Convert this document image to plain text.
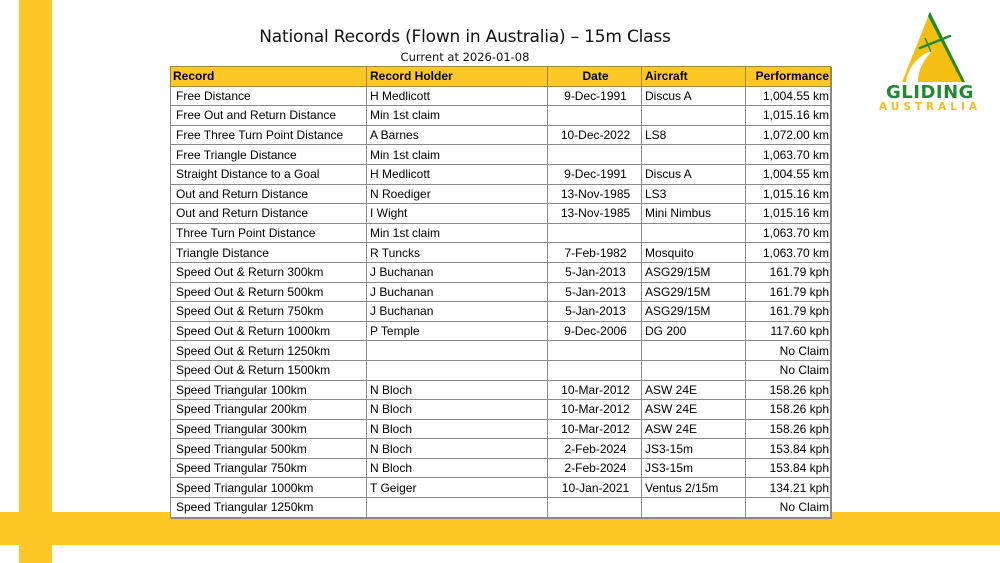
National Records (Flown in Australia) – 15m Class
Current at 2026-01-08
GLIDING
AUSTRALIA
Record	Record Holder	Date	Aircraft	Performance
Free Distance	H Medlicott	9-Dec-1991	Discus A	1,004.55 km
Free Out and Return Distance	Min 1st claim			1,015.16 km
Free Three Turn Point Distance	A Barnes	10-Dec-2022	LS8	1,072.00 km
Free Triangle Distance	Min 1st claim			1,063.70 km
Straight Distance to a Goal	H Medlicott	9-Dec-1991	Discus A	1,004.55 km
Out and Return Distance	N Roediger	13-Nov-1985	LS3	1,015.16 km
Out and Return Distance	I Wight	13-Nov-1985	Mini Nimbus	1,015.16 km
Three Turn Point Distance	Min 1st claim			1,063.70 km
Triangle Distance	R Tuncks	7-Feb-1982	Mosquito	1,063.70 km
Speed Out & Return 300km	J Buchanan	5-Jan-2013	ASG29/15M	161.79 kph
Speed Out & Return 500km	J Buchanan	5-Jan-2013	ASG29/15M	161.79 kph
Speed Out & Return 750km	J Buchanan	5-Jan-2013	ASG29/15M	161.79 kph
Speed Out & Return 1000km	P Temple	9-Dec-2006	DG 200	117.60 kph
Speed Out & Return 1250km				No Claim
Speed Out & Return 1500km				No Claim
Speed Triangular 100km	N Bloch	10-Mar-2012	ASW 24E	158.26 kph
Speed Triangular 200km	N Bloch	10-Mar-2012	ASW 24E	158.26 kph
Speed Triangular 300km	N Bloch	10-Mar-2012	ASW 24E	158.26 kph
Speed Triangular 500km	N Bloch	2-Feb-2024	JS3-15m	153.84 kph
Speed Triangular 750km	N Bloch	2-Feb-2024	JS3-15m	153.84 kph
Speed Triangular 1000km	T Geiger	10-Jan-2021	Ventus 2/15m	134.21 kph
Speed Triangular 1250km				No Claim
